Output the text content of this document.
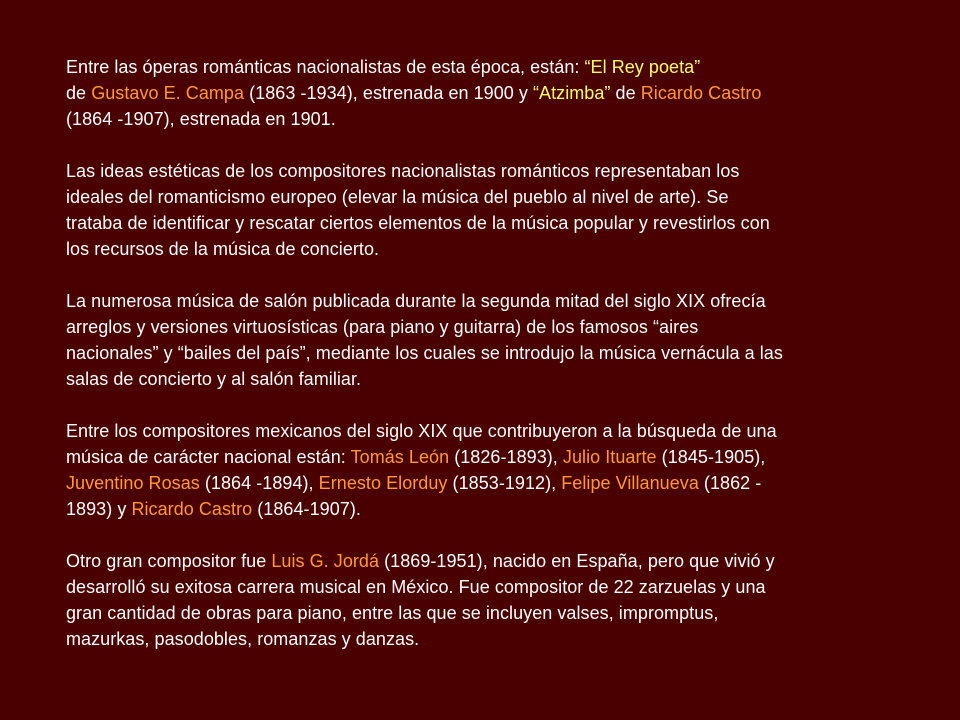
Entre las óperas románticas nacionalistas de esta época, están: “El Rey poeta”
de Gustavo E. Campa (1863 -1934), estrenada en 1900 y “Atzimba” de Ricardo Castro
(1864 -1907), estrenada en 1901.
Las ideas estéticas de los compositores nacionalistas románticos representaban los
ideales del romanticismo europeo (elevar la música del pueblo al nivel de arte). Se
trataba de identificar y rescatar ciertos elementos de la música popular y revestirlos con
los recursos de la música de concierto.
La numerosa música de salón publicada durante la segunda mitad del siglo XIX ofrecía
arreglos y versiones virtuosísticas (para piano y guitarra) de los famosos “aires
nacionales” y “bailes del país”, mediante los cuales se introdujo la música vernácula a las
salas de concierto y al salón familiar.
Entre los compositores mexicanos del siglo XIX que contribuyeron a la búsqueda de una
música de carácter nacional están: Tomás León (1826-1893), Julio Ituarte (1845-1905),
Juventino Rosas (1864 -1894), Ernesto Elorduy (1853-1912), Felipe Villanueva (1862 -
1893) y Ricardo Castro (1864-1907).
Otro gran compositor fue Luis G. Jordá (1869-1951), nacido en España, pero que vivió y
desarrolló su exitosa carrera musical en México. Fue compositor de 22 zarzuelas y una
gran cantidad de obras para piano, entre las que se incluyen valses, impromptus,
mazurkas, pasodobles, romanzas y danzas.
